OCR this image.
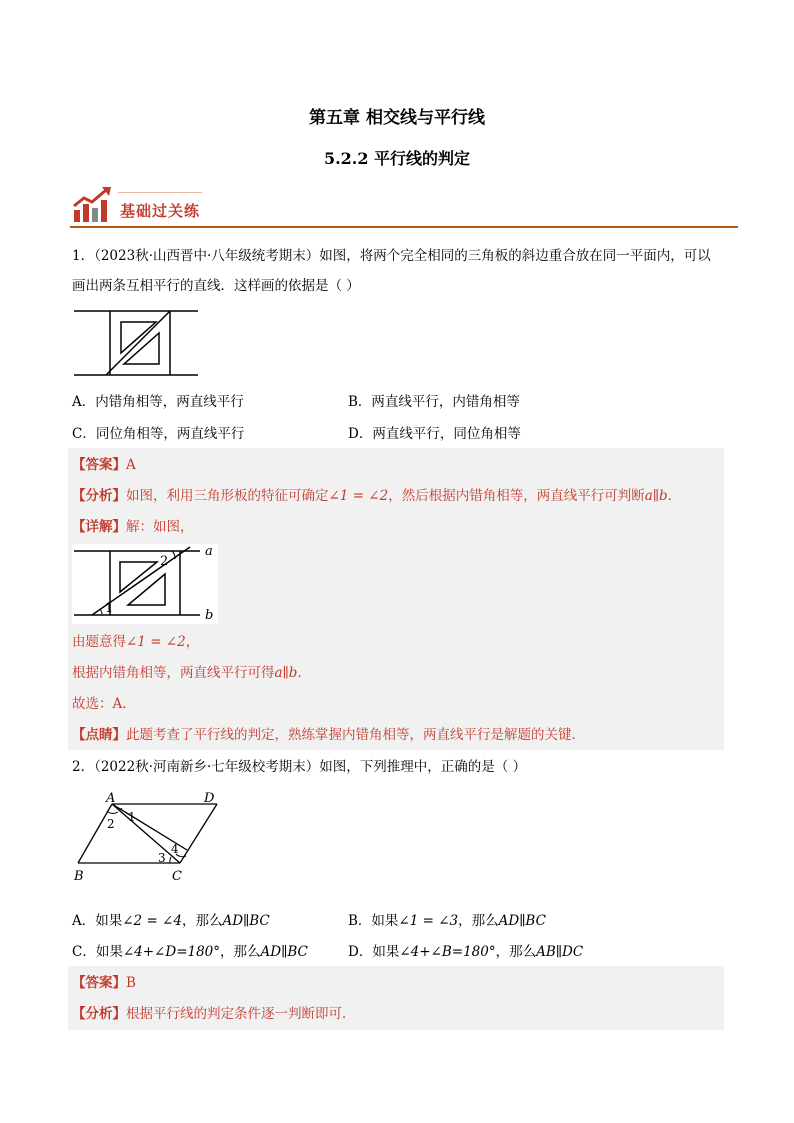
第五章 相交线与平行线
5.2.2 平行线的判定
基础过关练
1．（2023秋·山西晋中·八年级统考期末）如图，将两个完全相同的三角板的斜边重合放在同一平面内，可以
画出两条互相平行的直线．这样画的依据是（ ）
A．内错角相等，两直线平行	B．两直线平行，内错角相等
C．同位角相等，两直线平行	D．两直线平行，同位角相等
【答案】A
【分析】如图，利用三角形板的特征可确定∠1 = ∠2，然后根据内错角相等，两直线平行可判断a∥b．
【详解】解：如图，
2
1
a
b
由题意得∠1 = ∠2，
根据内错角相等，两直线平行可得a∥b．
故选：A．
【点睛】此题考查了平行线的判定，熟练掌握内错角相等，两直线平行是解题的关键．
2．（2022秋·河南新乡·七年级校考期末）如图，下列推理中，正确的是（ ）
A	D
B	C
1
2
3
4
A．如果∠2 = ∠4，那么AD∥BC	B．如果∠1 = ∠3，那么AD∥BC
C．如果∠4+∠D=180°，那么AD∥BC	D．如果∠4+∠B=180°，那么AB∥DC
【答案】B
【分析】根据平行线的判定条件逐一判断即可．
